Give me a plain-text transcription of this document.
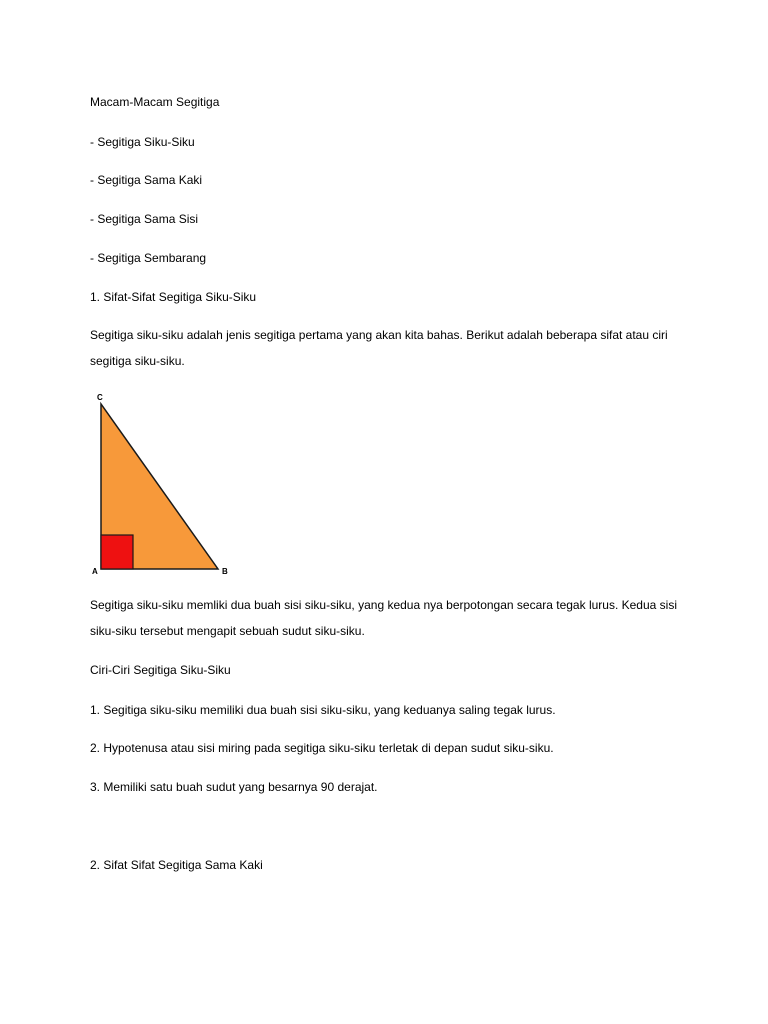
Macam-Macam Segitiga
- Segitiga Siku-Siku
- Segitiga Sama Kaki
- Segitiga Sama Sisi
- Segitiga Sembarang
1. Sifat-Sifat Segitiga Siku-Siku
Segitiga siku-siku adalah jenis segitiga pertama yang akan kita bahas. Berikut adalah beberapa sifat atau ciri segitiga siku-siku.
C
A	B
Segitiga siku-siku memliki dua buah sisi siku-siku, yang kedua nya berpotongan secara tegak lurus. Kedua sisi siku-siku tersebut mengapit sebuah sudut siku-siku.
Ciri-Ciri Segitiga Siku-Siku
1. Segitiga siku-siku memiliki dua buah sisi siku-siku, yang keduanya saling tegak lurus.
2. Hypotenusa atau sisi miring pada segitiga siku-siku terletak di depan sudut siku-siku.
3. Memiliki satu buah sudut yang besarnya 90 derajat.
2. Sifat Sifat Segitiga Sama Kaki
